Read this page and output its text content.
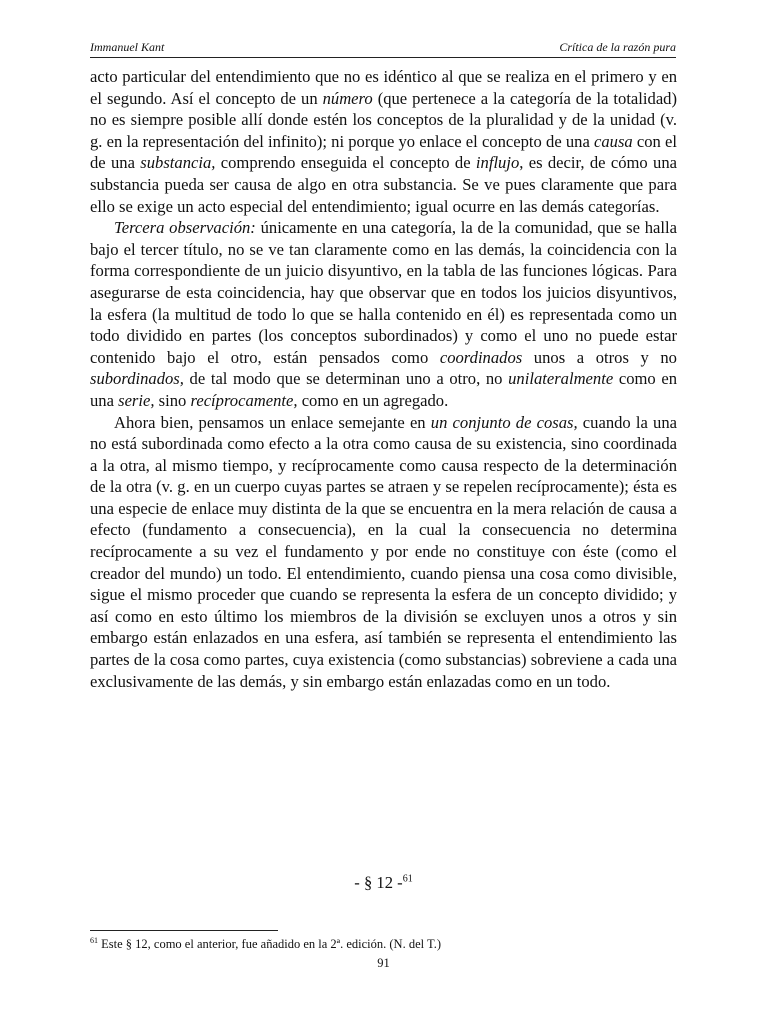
Immanuel Kant	Crítica de la razón pura

acto particular del entendimiento que no es idéntico al que se realiza en el primero y en el segundo. Así el concepto de un número (que pertenece a la categoría de la totalidad) no es siempre posible allí donde estén los conceptos de la pluralidad y de la unidad (v. g. en la representación del infinito); ni porque yo enlace el concepto de una causa con el de una substancia, comprendo enseguida el concepto de influjo, es decir, de cómo una substancia pueda ser causa de algo en otra substancia. Se ve pues claramente que para ello se exige un acto especial del entendimiento; igual ocurre en las demás categorías.

Tercera observación: únicamente en una categoría, la de la comunidad, que se halla bajo el tercer título, no se ve tan claramente como en las demás, la coincidencia con la forma correspondiente de un juicio disyuntivo, en la tabla de las funciones lógicas. Para asegurarse de esta coincidencia, hay que observar que en todos los juicios disyuntivos, la esfera (la multitud de todo lo que se halla contenido en él) es representada como un todo dividido en partes (los conceptos subordinados) y como el uno no puede estar contenido bajo el otro, están pensados como coordinados unos a otros y no subordinados, de tal modo que se determinan uno a otro, no unilateralmente como en una serie, sino recíprocamente, como en un agregado.

Ahora bien, pensamos un enlace semejante en un conjunto de cosas, cuando la una no está subordinada como efecto a la otra como causa de su existencia, sino coordinada a la otra, al mismo tiempo, y recíprocamente como causa respecto de la determinación de la otra (v. g. en un cuerpo cuyas partes se atraen y se repelen recíprocamente); ésta es una especie de enlace muy distinta de la que se encuentra en la mera relación de causa a efecto (fundamento a consecuencia), en la cual la consecuencia no determina recíprocamente a su vez el fundamento y por ende no constituye con éste (como el creador del mundo) un todo. El entendimiento, cuando piensa una cosa como divisible, sigue el mismo proceder que cuando se representa la esfera de un concepto dividido; y así como en esto último los miembros de la división se excluyen unos a otros y sin embargo están enlazados en una esfera, así también se representa el entendimiento las partes de la cosa como partes, cuya existencia (como substancias) sobreviene a cada una exclusivamente de las demás, y sin embargo están enlazadas como en un todo.

- § 12 -$^{61}$
$^{61}$ Este § 12, como el anterior, fue añadido en la 2ª. edición. (N. del T.)
91
